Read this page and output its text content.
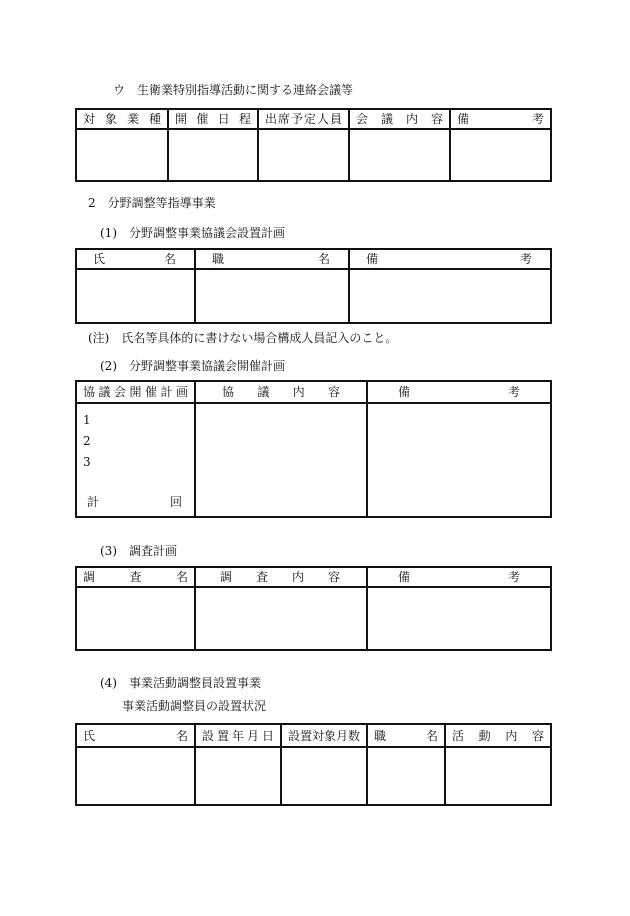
ウ　生衛業特別指導活動に関する連絡会議等
対象業種	開催日程	出席予定人員	会議内容	備　　　　考

2　分野調整等指導事業
(1)　分野調整事業協議会設置計画
氏　　　名	職　　　名	備　　　　考

(注)　氏名等具体的に書けない場合構成人員記入のこと。
(2)　分野調整事業協議会開催計画
協議会開催計画	協　議　内　容	備　　　　考

1
2
3
計　　　　回		

(3)　調査計画
調　査　名	調　査　内　容	備　　　　考

(4)　事業活動調整員設置事業
事業活動調整員の設置状況
氏　　　名	設置年月日	設置対象月数	職　　名	活動内容
